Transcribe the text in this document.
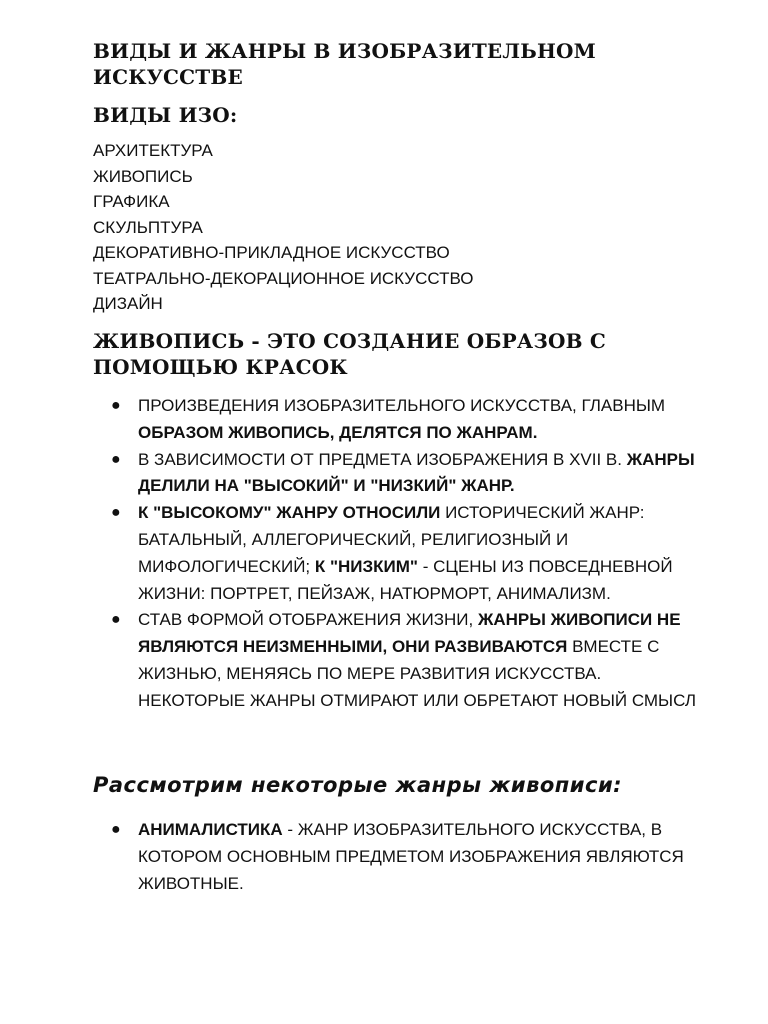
ВИДЫ И ЖАНРЫ В ИЗОБРАЗИТЕЛЬНОМ ИСКУССТВЕ
ВИДЫ ИЗО:
АРХИТЕКТУРА
ЖИВОПИСЬ
ГРАФИКА
СКУЛЬПТУРА
ДЕКОРАТИВНО-ПРИКЛАДНОЕ ИСКУССТВО
ТЕАТРАЛЬНО-ДЕКОРАЦИОННОЕ ИСКУССТВО
ДИЗАЙН
ЖИВОПИСЬ - ЭТО СОЗДАНИЕ ОБРАЗОВ С ПОМОЩЬЮ КРАСОК
● ПРОИЗВЕДЕНИЯ ИЗОБРАЗИТЕЛЬНОГО ИСКУССТВА, ГЛАВНЫМ ОБРАЗОМ ЖИВОПИСЬ, ДЕЛЯТСЯ ПО ЖАНРАМ.
● В ЗАВИСИМОСТИ ОТ ПРЕДМЕТА ИЗОБРАЖЕНИЯ В XVII В. ЖАНРЫ ДЕЛИЛИ НА "ВЫСОКИЙ" И "НИЗКИЙ" ЖАНР.
● К "ВЫСОКОМУ" ЖАНРУ ОТНОСИЛИ ИСТОРИЧЕСКИЙ ЖАНР: БАТАЛЬНЫЙ, АЛЛЕГОРИЧЕСКИЙ, РЕЛИГИОЗНЫЙ И МИФОЛОГИЧЕСКИЙ; К "НИЗКИМ" - СЦЕНЫ ИЗ ПОВСЕДНЕВНОЙ ЖИЗНИ: ПОРТРЕТ, ПЕЙЗАЖ, НАТЮРМОРТ, АНИМАЛИЗМ.
● СТАВ ФОРМОЙ ОТОБРАЖЕНИЯ ЖИЗНИ, ЖАНРЫ ЖИВОПИСИ НЕ ЯВЛЯЮТСЯ НЕИЗМЕННЫМИ, ОНИ РАЗВИВАЮТСЯ ВМЕСТЕ С ЖИЗНЬЮ, МЕНЯЯСЬ ПО МЕРЕ РАЗВИТИЯ ИСКУССТВА. НЕКОТОРЫЕ ЖАНРЫ ОТМИРАЮТ ИЛИ ОБРЕТАЮТ НОВЫЙ СМЫСЛ
Рассмотрим некоторые жанры живописи:
● АНИМАЛИСТИКА - ЖАНР ИЗОБРАЗИТЕЛЬНОГО ИСКУССТВА, В КОТОРОМ ОСНОВНЫМ ПРЕДМЕТОМ ИЗОБРАЖЕНИЯ ЯВЛЯЮТСЯ ЖИВОТНЫЕ.
